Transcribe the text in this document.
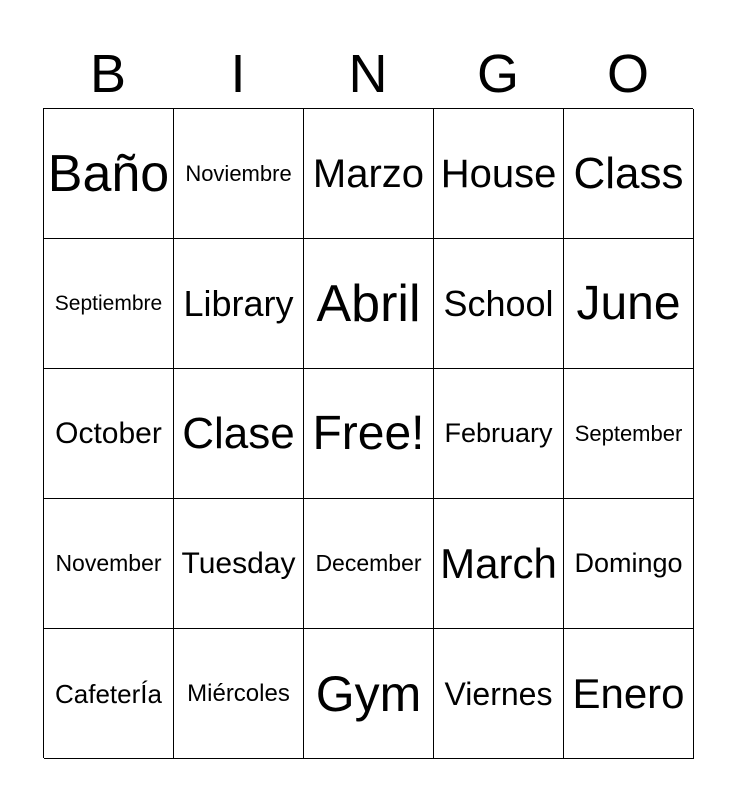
B	I	N	G	O
Baño Noviembre Marzo House Class
Septiembre Library Abril School June
October Clase Free! February	September
November Tuesday December March Domingo
CafeterÍa	Miércoles Gym Viernes Enero
